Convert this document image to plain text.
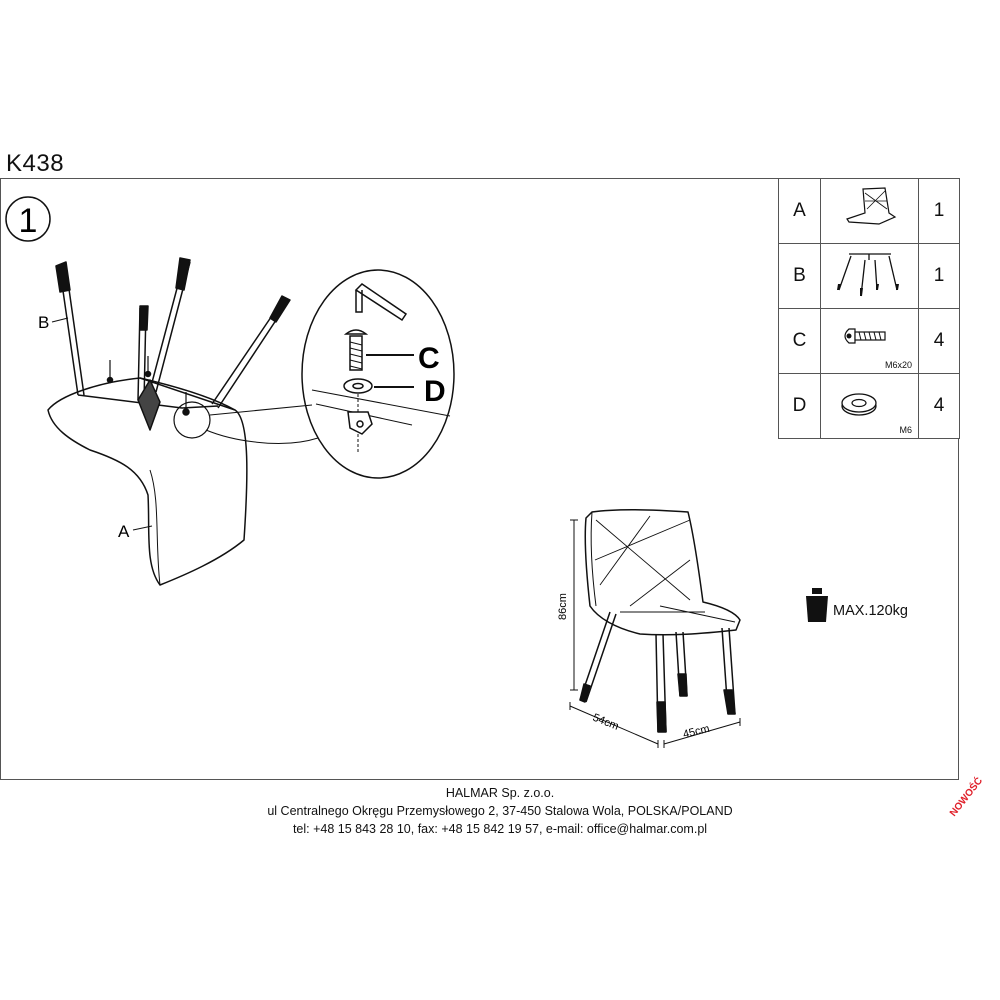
K438
1
B
A
C
D
86cm
54cm	45cm
A		1
B		1
C	M6x20	4
D	M6	4
MAX.120kg
HALMAR Sp. z.o.o.
ul Centralnego Okręgu Przemysłowego 2, 37-450 Stalowa Wola, POLSKA/POLAND
tel: +48 15 843 28 10, fax: +48 15 842 19 57, e-mail: office@halmar.com.pl
NOWOŚĆ
